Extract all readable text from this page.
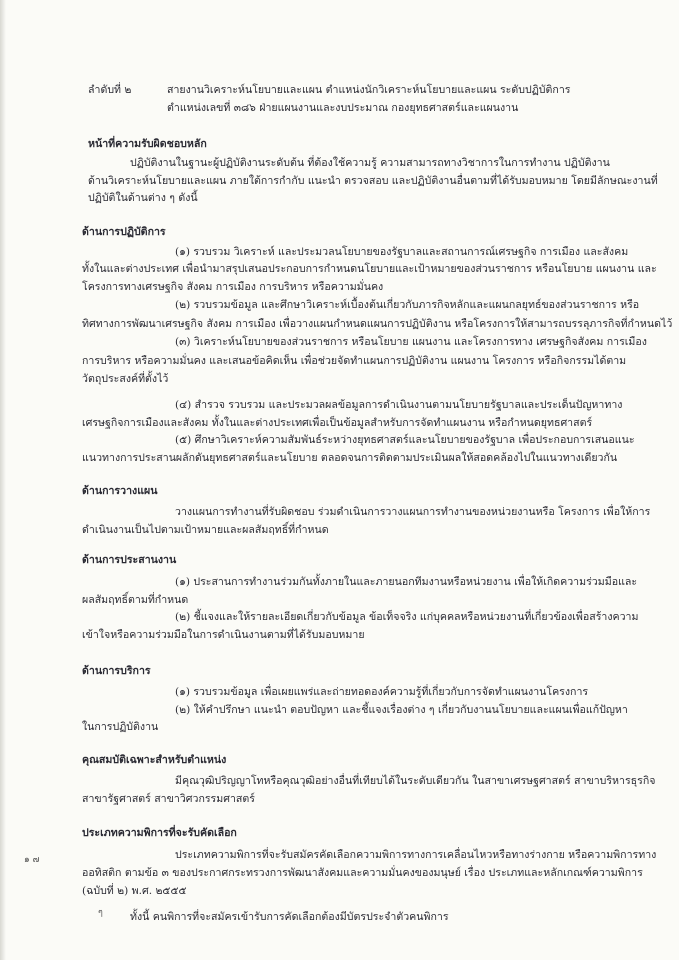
ลำดับที่ ๒	สายงานวิเคราะห์นโยบายและแผน ตำแหน่งนักวิเคราะห์นโยบายและแผน ระดับปฏิบัติการ
ตำแหน่งเลขที่ ๓๘๖ ฝ่ายแผนงานและงบประมาณ กองยุทธศาสตร์และแผนงาน
หน้าที่ความรับผิดชอบหลัก
ปฏิบัติงานในฐานะผู้ปฏิบัติงานระดับต้น ที่ต้องใช้ความรู้ ความสามารถทางวิชาการในการทำงาน ปฏิบัติงาน
ด้านวิเคราะห์นโยบายและแผน ภายใต้การกำกับ แนะนำ ตรวจสอบ และปฏิบัติงานอื่นตามที่ได้รับมอบหมาย โดยมีลักษณะงานที่
ปฏิบัติในด้านต่าง ๆ ดังนี้
ด้านการปฏิบัติการ
(๑) รวบรวม วิเคราะห์ และประมวลนโยบายของรัฐบาลและสถานการณ์เศรษฐกิจ การเมือง และสังคม
ทั้งในและต่างประเทศ เพื่อนำมาสรุปเสนอประกอบการกำหนดนโยบายและเป้าหมายของส่วนราชการ หรือนโยบาย แผนงาน และ
โครงการทางเศรษฐกิจ สังคม การเมือง การบริหาร หรือความมั่นคง
(๒) รวบรวมข้อมูล และศึกษาวิเคราะห์เบื้องต้นเกี่ยวกับภารกิจหลักและแผนกลยุทธ์ของส่วนราชการ หรือ
ทิศทางการพัฒนาเศรษฐกิจ สังคม การเมือง เพื่อวางแผนกำหนดแผนการปฏิบัติงาน หรือโครงการให้สามารถบรรลุภารกิจที่กำหนดไว้
(๓) วิเคราะห์นโยบายของส่วนราชการ หรือนโยบาย แผนงาน และโครงการทาง เศรษฐกิจสังคม การเมือง
การบริหาร หรือความมั่นคง และเสนอข้อคิดเห็น เพื่อช่วยจัดทำแผนการปฏิบัติงาน แผนงาน โครงการ หรือกิจกรรมได้ตาม
วัตถุประสงค์ที่ตั้งไว้
(๔) สำรวจ รวบรวม และประมวลผลข้อมูลการดำเนินงานตามนโยบายรัฐบาลและประเด็นปัญหาทาง
เศรษฐกิจการเมืองและสังคม ทั้งในและต่างประเทศเพื่อเป็นข้อมูลสำหรับการจัดทำแผนงาน หรือกำหนดยุทธศาสตร์
(๕) ศึกษาวิเคราะห์ความสัมพันธ์ระหว่างยุทธศาสตร์และนโยบายของรัฐบาล เพื่อประกอบการเสนอแนะ
แนวทางการประสานผลักดันยุทธศาสตร์และนโยบาย ตลอดจนการติดตามประเมินผลให้สอดคล้องไปในแนวทางเดียวกัน
ด้านการวางแผน
วางแผนการทำงานที่รับผิดชอบ ร่วมดำเนินการวางแผนการทำงานของหน่วยงานหรือ โครงการ เพื่อให้การ
ดำเนินงานเป็นไปตามเป้าหมายและผลสัมฤทธิ์ที่กำหนด
ด้านการประสานงาน
(๑) ประสานการทำงานร่วมกันทั้งภายในและภายนอกทีมงานหรือหน่วยงาน เพื่อให้เกิดความร่วมมือและ
ผลสัมฤทธิ์ตามที่กำหนด
(๒) ชี้แจงและให้รายละเอียดเกี่ยวกับข้อมูล ข้อเท็จจริง แก่บุคคลหรือหน่วยงานที่เกี่ยวข้องเพื่อสร้างความ
เข้าใจหรือความร่วมมือในการดำเนินงานตามที่ได้รับมอบหมาย
ด้านการบริการ
(๑) รวบรวมข้อมูล เพื่อเผยแพร่และถ่ายทอดองค์ความรู้ที่เกี่ยวกับการจัดทำแผนงานโครงการ
(๒) ให้คำปรึกษา แนะนำ ตอบปัญหา และชี้แจงเรื่องต่าง ๆ เกี่ยวกับงานนโยบายและแผนเพื่อแก้ปัญหา
ในการปฏิบัติงาน
คุณสมบัติเฉพาะสำหรับตำแหน่ง
มีคุณวุฒิปริญญาโทหรือคุณวุฒิอย่างอื่นที่เทียบได้ในระดับเดียวกัน ในสาขาเศรษฐศาสตร์ สาขาบริหารธุรกิจ
สาขารัฐศาสตร์ สาขาวิศวกรรมศาสตร์
ประเภทความพิการที่จะรับคัดเลือก
ประเภทความพิการที่จะรับสมัครคัดเลือกความพิการทางการเคลื่อนไหวหรือทางร่างกาย หรือความพิการทาง
ออทิสติก ตามข้อ ๓ ของประกาศกระทรวงการพัฒนาสังคมและความมั่นคงของมนุษย์ เรื่อง ประเภทและหลักเกณฑ์ความพิการ
(ฉบับที่ ๒) พ.ศ. ๒๕๕๕
ทั้งนี้ คนพิการที่จะสมัครเข้ารับการคัดเลือกต้องมีบัตรประจำตัวคนพิการ
๑ ๗
ๆ
